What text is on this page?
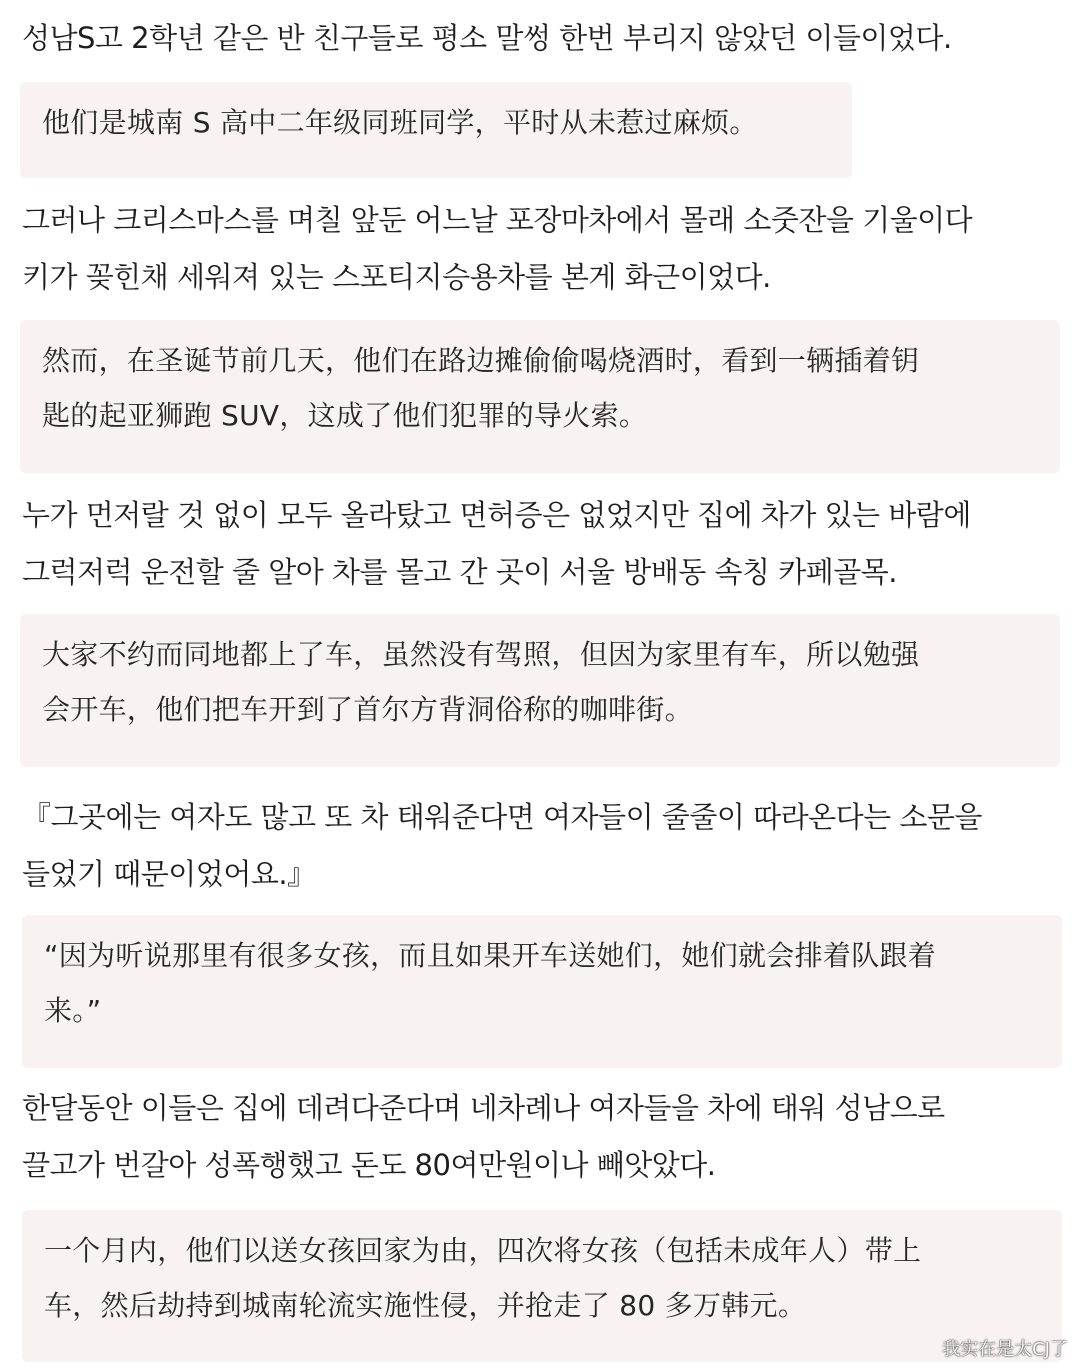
성남S고 2학년 같은 반 친구들로 평소 말썽 한번 부리지 않았던 이들이었다.

他们是城南 S 高中二年级同班同学，平时从未惹过麻烦。

그러나 크리스마스를 며칠 앞둔 어느날 포장마차에서 몰래 소줏잔을 기울이다
키가 꽂힌채 세워져 있는 스포티지승용차를 본게 화근이었다.

然而，在圣诞节前几天，他们在路边摊偷偷喝烧酒时，看到一辆插着钥
匙的起亚狮跑 SUV，这成了他们犯罪的导火索。

누가 먼저랄 것 없이 모두 올라탔고 면허증은 없었지만 집에 차가 있는 바람에
그럭저럭 운전할 줄 알아 차를 몰고 간 곳이 서울 방배동 속칭 카페골목.

大家不约而同地都上了车，虽然没有驾照，但因为家里有车，所以勉强
会开车，他们把车开到了首尔方背洞俗称的咖啡街。

『그곳에는 여자도 많고 또 차 태워준다면 여자들이 줄줄이 따라온다는 소문을
들었기 때문이었어요.』

“因为听说那里有很多女孩，而且如果开车送她们，她们就会排着队跟着
来。”

한달동안 이들은 집에 데려다준다며 네차례나 여자들을 차에 태워 성남으로
끌고가 번갈아 성폭행했고 돈도 80여만원이나 빼앗았다.

一个月内，他们以送女孩回家为由，四次将女孩（包括未成年人）带上
车，然后劫持到城南轮流实施性侵，并抢走了 80 多万韩元。

我实在是太CJ了
